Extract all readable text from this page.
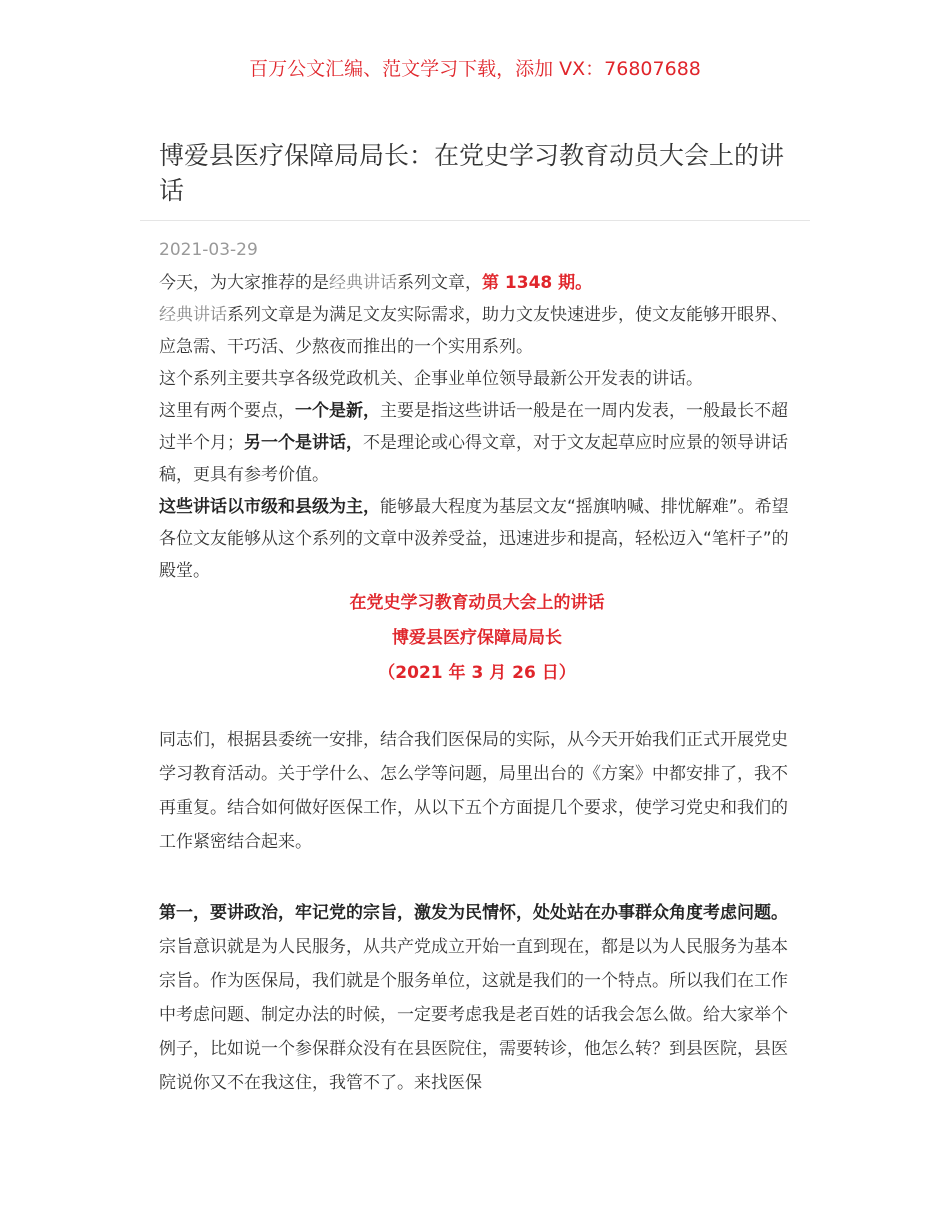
百万公文汇编、范文学习下载，添加 VX：76807688
博爱县医疗保障局局长：在党史学习教育动员大会上的讲话
2021-03-29

今天，为大家推荐的是经典讲话系列文章，第 1348 期。

经典讲话系列文章是为满足文友实际需求，助力文友快速进步，使文友能够开眼界、应急需、干巧活、少熬夜而推出的一个实用系列。

这个系列主要共享各级党政机关、企事业单位领导最新公开发表的讲话。

这里有两个要点，一个是新，主要是指这些讲话一般是在一周内发表，一般最长不超过半个月；另一个是讲话，不是理论或心得文章，对于文友起草应时应景的领导讲话稿，更具有参考价值。

这些讲话以市级和县级为主，能够最大程度为基层文友“摇旗呐喊、排忧解难”。希望各位文友能够从这个系列的文章中汲养受益，迅速进步和提高，轻松迈入“笔杆子”的殿堂。

在党史学习教育动员大会上的讲话
博爱县医疗保障局局长
（2021 年 3 月 26 日）

同志们，根据县委统一安排，结合我们医保局的实际，从今天开始我们正式开展党史学习教育活动。关于学什么、怎么学等问题，局里出台的《方案》中都安排了，我不再重复。结合如何做好医保工作，从以下五个方面提几个要求，使学习党史和我们的工作紧密结合起来。

第一，要讲政治，牢记党的宗旨，激发为民情怀，处处站在办事群众角度考虑问题。宗旨意识就是为人民服务，从共产党成立开始一直到现在，都是以为人民服务为基本宗旨。作为医保局，我们就是个服务单位，这就是我们的一个特点。所以我们在工作中考虑问题、制定办法的时候，一定要考虑我是老百姓的话我会怎么做。给大家举个例子，比如说一个参保群众没有在县医院住，需要转诊，他怎么转？到县医院，县医院说你又不在我这住，我管不了。来找医保
